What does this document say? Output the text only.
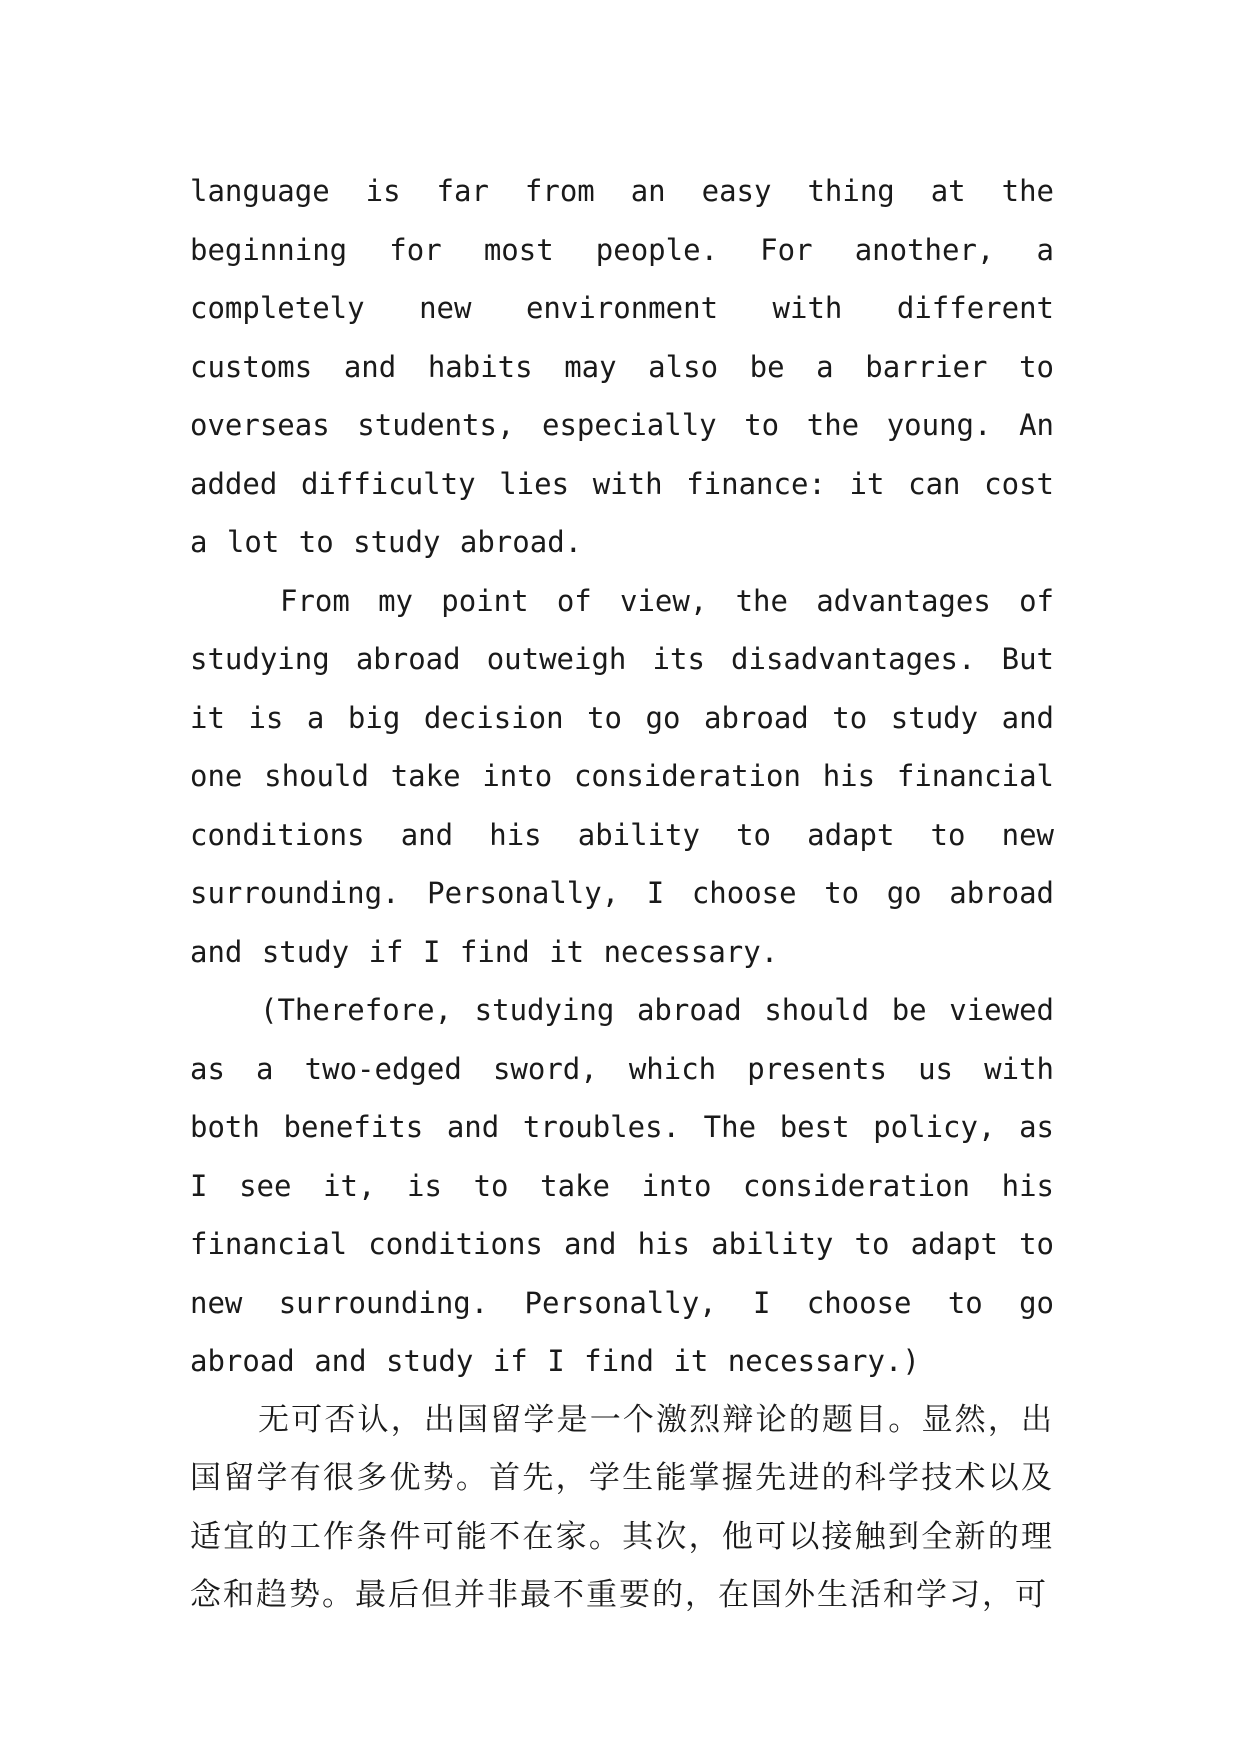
language is far from an easy thing at the beginning for most people. For another, a completely new environment with different customs and habits may also be a barrier to overseas students, especially to the young. An added difficulty lies with finance: it can cost a lot to study abroad.

From my point of view, the advantages of studying abroad outweigh its disadvantages. But it is a big decision to go abroad to study and one should take into consideration his financial conditions and his ability to adapt to new surrounding. Personally, I choose to go abroad and study if I find it necessary.

(Therefore, studying abroad should be viewed as a two-edged sword, which presents us with both benefits and troubles. The best policy, as I see it, is to take into consideration his financial conditions and his ability to adapt to new surrounding. Personally, I choose to go abroad and study if I find it necessary.)

无可否认，出国留学是一个激烈辩论的题目。显然，出国留学有很多优势。首先，学生能掌握先进的科学技术以及适宜的工作条件可能不在家。其次，他可以接触到全新的理念和趋势。最后但并非最不重要的，在国外生活和学习，可
